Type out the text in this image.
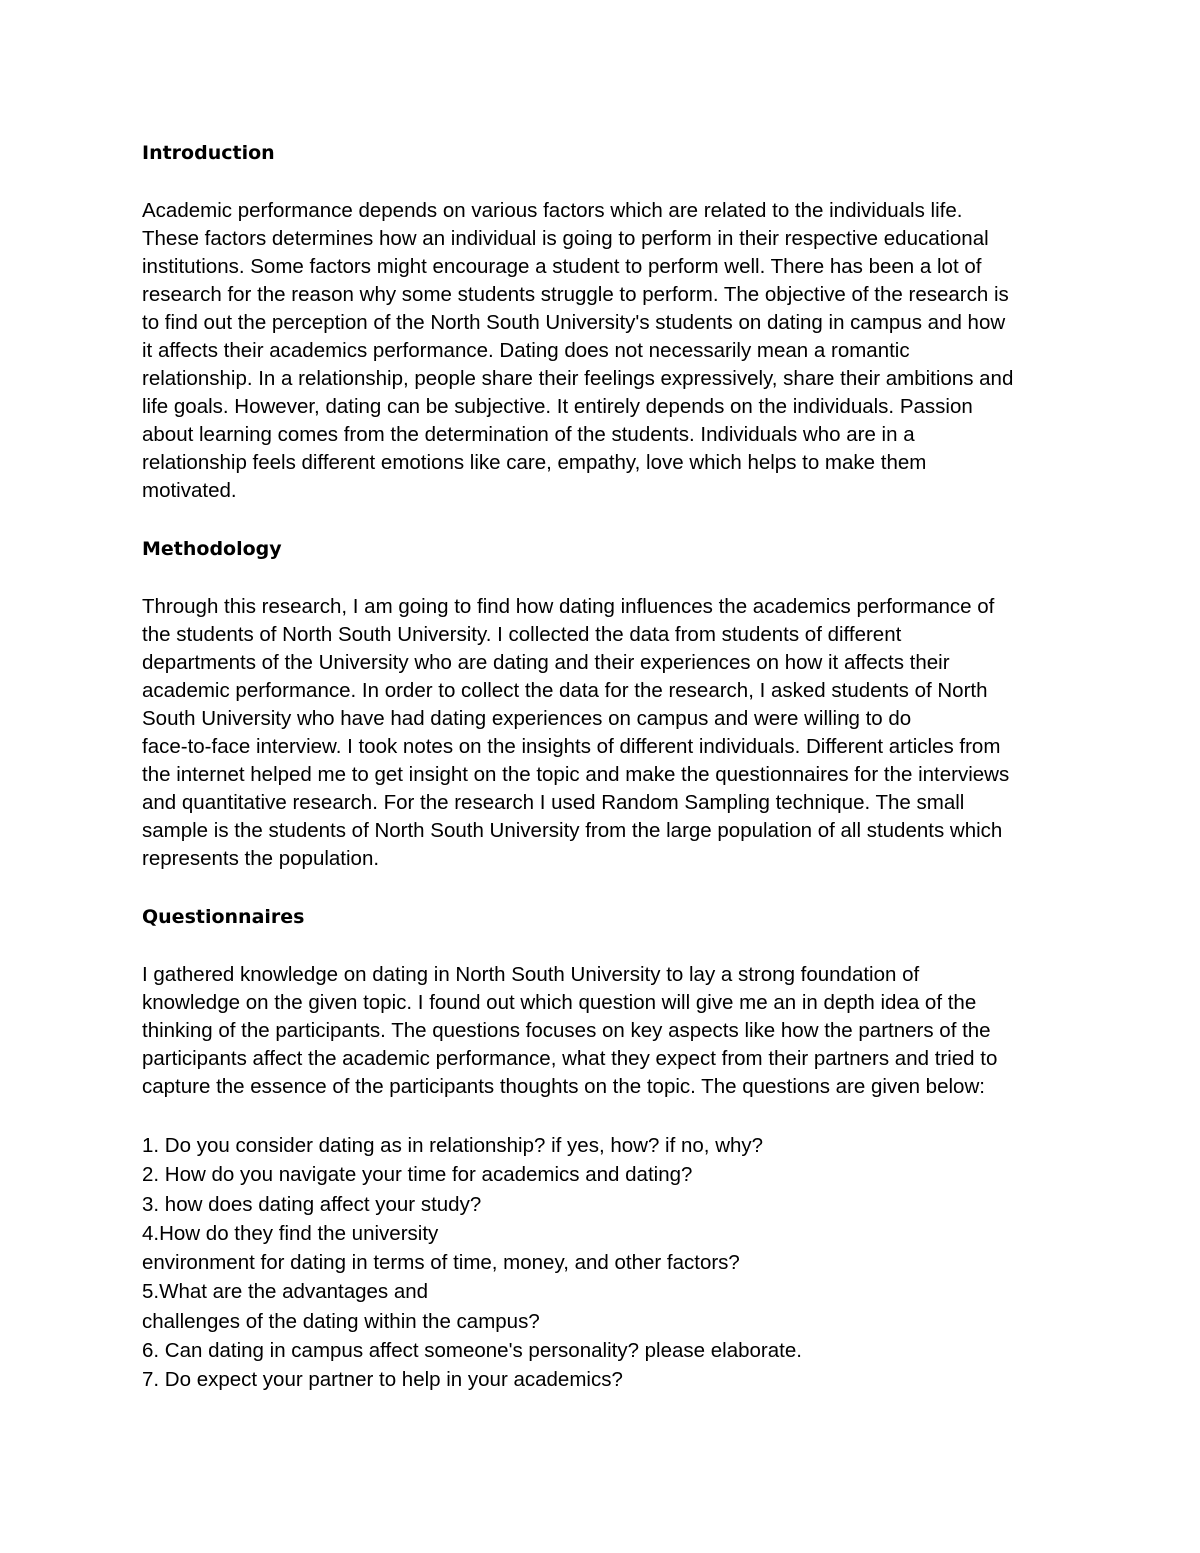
Introduction

Academic performance depends on various factors which are related to the individuals life.
These factors determines how an individual is going to perform in their respective educational
institutions. Some factors might encourage a student to perform well. There has been a lot of
research for the reason why some students struggle to perform. The objective of the research is
to find out the perception of the North South University's students on dating in campus and how
it affects their academics performance. Dating does not necessarily mean a romantic
relationship. In a relationship, people share their feelings expressively, share their ambitions and
life goals. However, dating can be subjective. It entirely depends on the individuals. Passion
about learning comes from the determination of the students. Individuals who are in a
relationship feels different emotions like care, empathy, love which helps to make them
motivated.

Methodology

Through this research, I am going to find how dating influences the academics performance of
the students of North South University. I collected the data from students of different
departments of the University who are dating and their experiences on how it affects their
academic performance. In order to collect the data for the research, I asked students of North
South University who have had dating experiences on campus and were willing to do
face-to-face interview. I took notes on the insights of different individuals. Different articles from
the internet helped me to get insight on the topic and make the questionnaires for the interviews
and quantitative research. For the research I used Random Sampling technique. The small
sample is the students of North South University from the large population of all students which
represents the population.

Questionnaires

I gathered knowledge on dating in North South University to lay a strong foundation of
knowledge on the given topic. I found out which question will give me an in depth idea of the
thinking of the participants. The questions focuses on key aspects like how the partners of the
participants affect the academic performance, what they expect from their partners and tried to
capture the essence of the participants thoughts on the topic. The questions are given below:

1. Do you consider dating as in relationship? if yes, how? if no, why?
2. How do you navigate your time for academics and dating?
3. how does dating affect your study?
4.How do they find the university
environment for dating in terms of time, money, and other factors?
5.What are the advantages and
challenges of the dating within the campus?
6. Can dating in campus affect someone's personality? please elaborate.
7. Do expect your partner to help in your academics?
